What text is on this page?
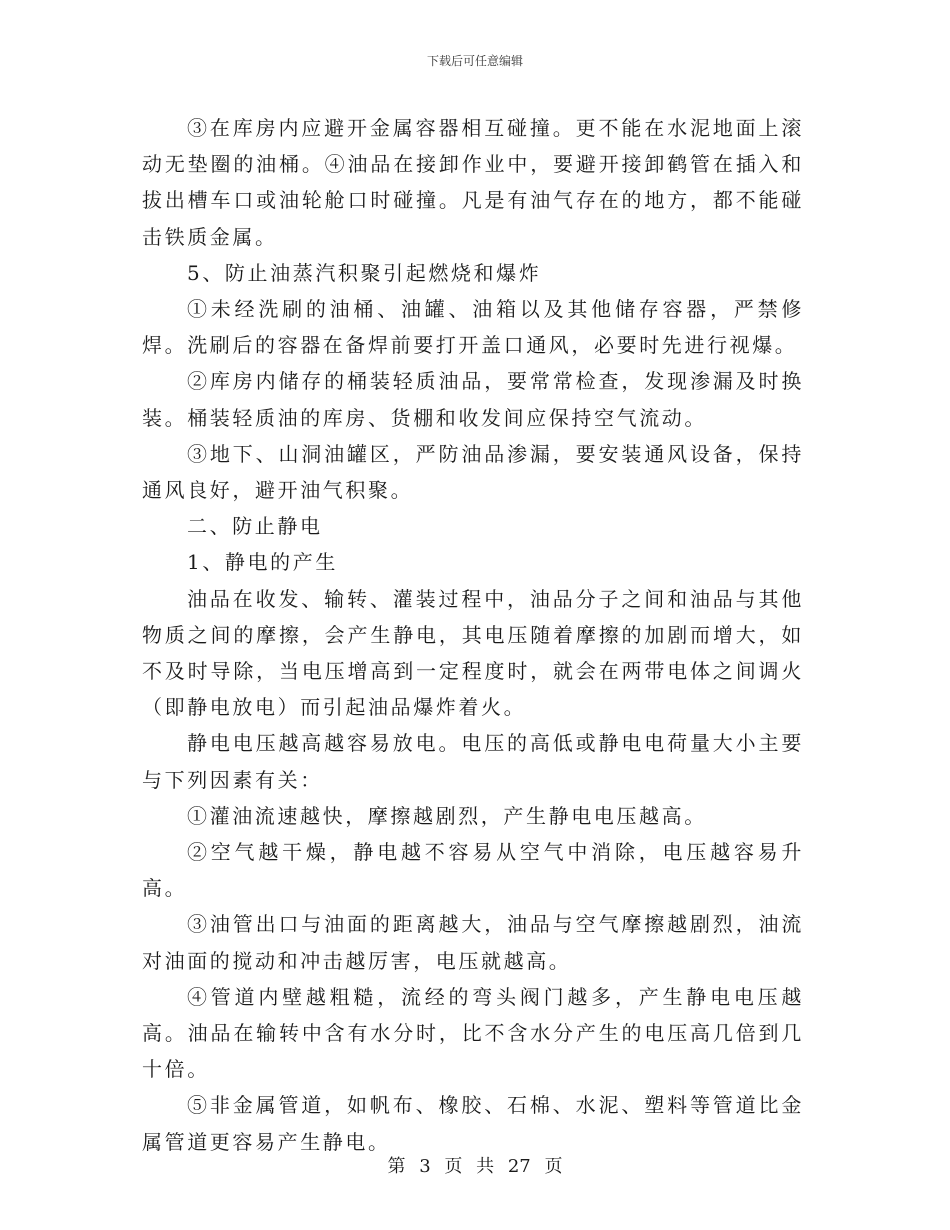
下载后可任意编辑

③在库房内应避开金属容器相互碰撞。更不能在水泥地面上滚动无垫圈的油桶。④油品在接卸作业中，要避开接卸鹤管在插入和拔出槽车口或油轮舱口时碰撞。凡是有油气存在的地方，都不能碰击铁质金属。

5、防止油蒸汽积聚引起燃烧和爆炸

①未经洗刷的油桶、油罐、油箱以及其他储存容器，严禁修焊。洗刷后的容器在备焊前要打开盖口通风，必要时先进行视爆。

②库房内储存的桶装轻质油品，要常常检查，发现渗漏及时换装。桶装轻质油的库房、货棚和收发间应保持空气流动。

③地下、山洞油罐区，严防油品渗漏，要安装通风设备，保持通风良好，避开油气积聚。

二、防止静电

1、静电的产生

油品在收发、输转、灌装过程中，油品分子之间和油品与其他物质之间的摩擦，会产生静电，其电压随着摩擦的加剧而增大，如不及时导除，当电压增高到一定程度时，就会在两带电体之间调火（即静电放电）而引起油品爆炸着火。

静电电压越高越容易放电。电压的高低或静电电荷量大小主要与下列因素有关：

①灌油流速越快，摩擦越剧烈，产生静电电压越高。

②空气越干燥，静电越不容易从空气中消除，电压越容易升高。

③油管出口与油面的距离越大，油品与空气摩擦越剧烈，油流对油面的搅动和冲击越厉害，电压就越高。

④管道内壁越粗糙，流经的弯头阀门越多，产生静电电压越高。油品在输转中含有水分时，比不含水分产生的电压高几倍到几十倍。

⑤非金属管道，如帆布、橡胶、石棉、水泥、塑料等管道比金属管道更容易产生静电。

第 3 页 共 27 页
